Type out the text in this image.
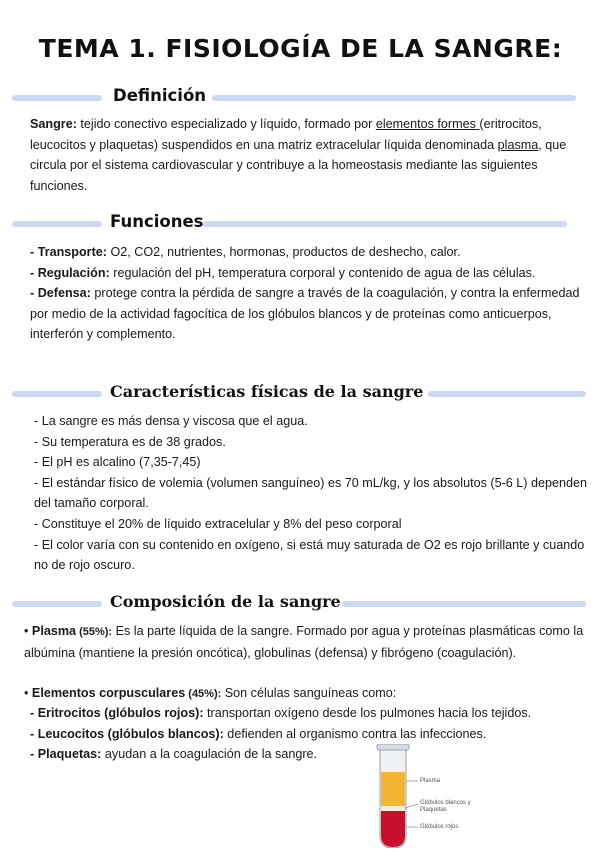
TEMA 1. FISIOLOGÍA DE LA SANGRE:
Definición
Sangre: tejido conectivo especializado y líquido, formado por elementos formes (eritrocitos, leucocitos y plaquetas) suspendidos en una matriz extracelular líquida denominada plasma, que circula por el sistema cardiovascular y contribuye a la homeostasis mediante las siguientes funciones.
Funciones
- Transporte: O2, CO2, nutrientes, hormonas, productos de deshecho, calor.
- Regulación: regulación del pH, temperatura corporal y contenido de agua de las células.
- Defensa: protege contra la pérdida de sangre a través de la coagulación, y contra la enfermedad por medio de la actividad fagocítica de los glóbulos blancos y de proteínas como anticuerpos, interferón y complemento.
Características físicas de la sangre
- La sangre es más densa y viscosa que el agua.
- Su temperatura es de 38 grados.
- El pH es alcalino (7,35-7,45)
- El estándar físico de volemia (volumen sanguíneo) es 70 mL/kg, y los absolutos (5-6 L) dependen del tamaño corporal.
- Constituye el 20% de líquido extracelular y 8% del peso corporal
- El color varía con su contenido en oxígeno, si está muy saturada de O2 es rojo brillante y cuando no de rojo oscuro.
Composición de la sangre
• Plasma (55%): Es la parte líquida de la sangre. Formado por agua y proteínas plasmáticas como la albúmina (mantiene la presión oncótica), globulinas (defensa) y fibrógeno (coagulación).
• Elementos corpusculares (45%): Son células sanguíneas como:
- Eritrocitos (glóbulos rojos): transportan oxígeno desde los pulmones hacia los tejidos.
- Leucocitos (glóbulos blancos): defienden al organismo contra las infecciones.
- Plaquetas: ayudan a la coagulación de la sangre.
Plasma
Glóbulos blancos y Plaquetas
Glóbulos rojos
